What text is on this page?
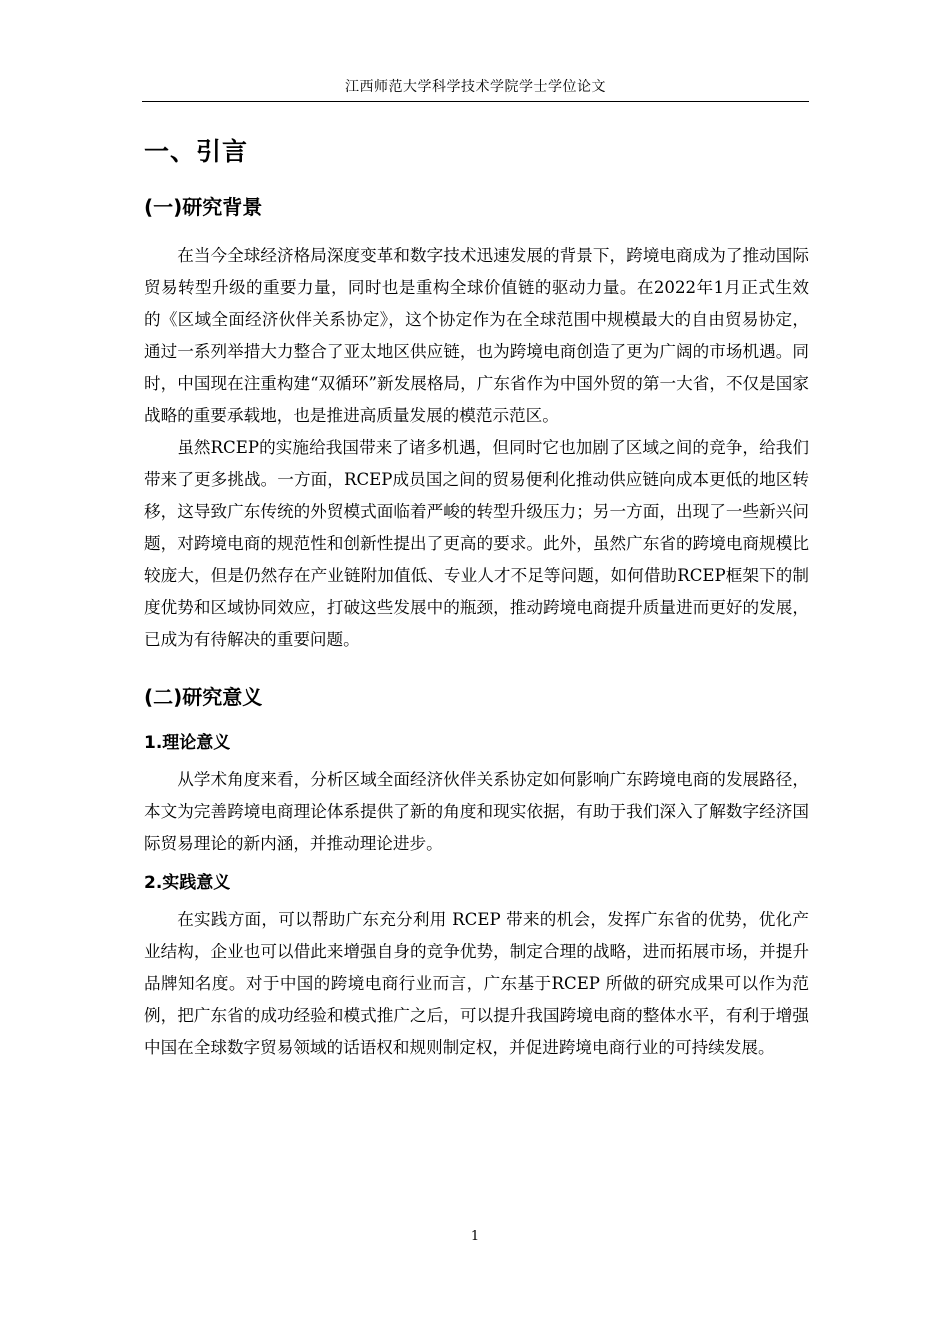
江西师范大学科学技术学院学士学位论文
一、引言
(一)研究背景

在当今全球经济格局深度变革和数字技术迅速发展的背景下，跨境电商成为了推动国际贸易转型升级的重要力量，同时也是重构全球价值链的驱动力量。在2022年1月正式生效的《区域全面经济伙伴关系协定》，这个协定作为在全球范围中规模最大的自由贸易协定，通过一系列举措大力整合了亚太地区供应链，也为跨境电商创造了更为广阔的市场机遇。同时，中国现在注重构建“双循环”新发展格局，广东省作为中国外贸的第一大省，不仅是国家战略的重要承载地，也是推进高质量发展的模范示范区。

虽然RCEP的实施给我国带来了诸多机遇，但同时它也加剧了区域之间的竞争，给我们带来了更多挑战。一方面，RCEP成员国之间的贸易便利化推动供应链向成本更低的地区转移，这导致广东传统的外贸模式面临着严峻的转型升级压力；另一方面，出现了一些新兴问题，对跨境电商的规范性和创新性提出了更高的要求。此外，虽然广东省的跨境电商规模比较庞大，但是仍然存在产业链附加值低、专业人才不足等问题，如何借助RCEP框架下的制度优势和区域协同效应，打破这些发展中的瓶颈，推动跨境电商提升质量进而更好的发展，已成为有待解决的重要问题。

(二)研究意义
1.理论意义

从学术角度来看，分析区域全面经济伙伴关系协定如何影响广东跨境电商的发展路径，本文为完善跨境电商理论体系提供了新的角度和现实依据，有助于我们深入了解数字经济国际贸易理论的新内涵，并推动理论进步。

2.实践意义

在实践方面，可以帮助广东充分利用 RCEP 带来的机会，发挥广东省的优势，优化产业结构，企业也可以借此来增强自身的竞争优势，制定合理的战略，进而拓展市场，并提升品牌知名度。对于中国的跨境电商行业而言，广东基于RCEP 所做的研究成果可以作为范例，把广东省的成功经验和模式推广之后，可以提升我国跨境电商的整体水平，有利于增强中国在全球数字贸易领域的话语权和规则制定权，并促进跨境电商行业的可持续发展。

1
